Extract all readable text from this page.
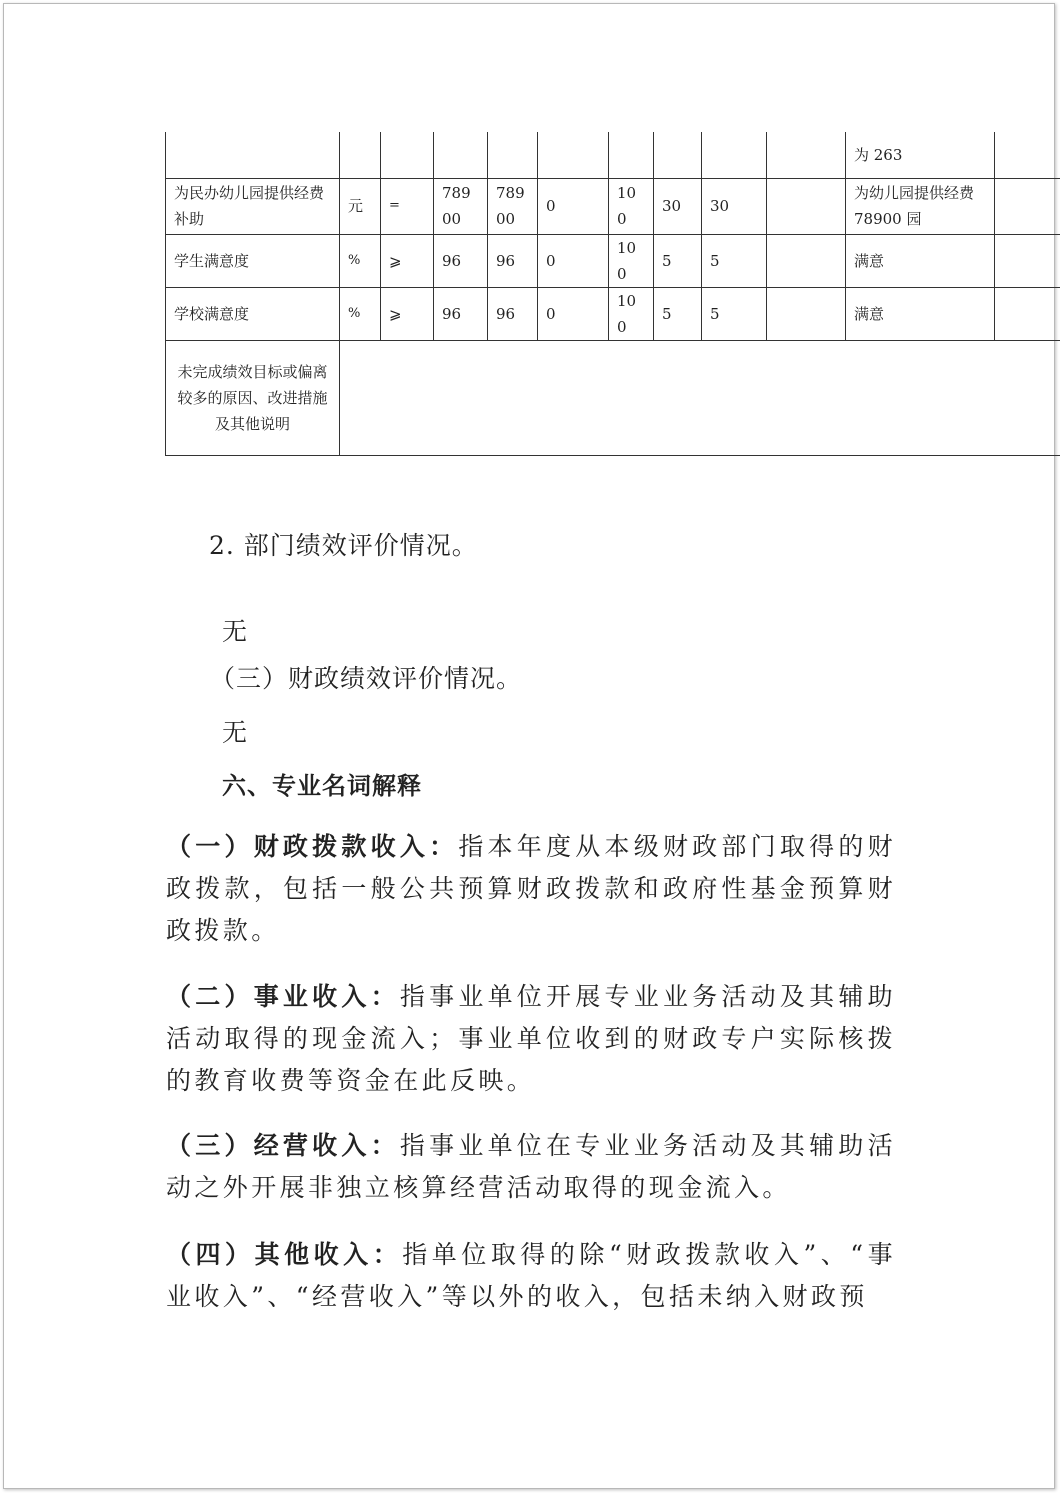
										为 263	
为民办幼儿园提供经费补助	元	=	78900	78900	0	100	30	30		为幼儿园提供经费 78900 园	
学生满意度	%	⩾	96	96	0	100	5	5		满意	
学校满意度	%	⩾	96	96	0	100	5	5		满意	
未完成绩效目标或偏离较多的原因、改进措施及其他说明											
2. 部门绩效评价情况。
无
（三）财政绩效评价情况。
无
六、专业名词解释

（一）财政拨款收入：指本年度从本级财政部门取得的财政拨款，包括一般公共预算财政拨款和政府性基金预算财政拨款。

（二）事业收入：指事业单位开展专业业务活动及其辅助活动取得的现金流入；事业单位收到的财政专户实际核拨的教育收费等资金在此反映。

（三）经营收入：指事业单位在专业业务活动及其辅助活动之外开展非独立核算经营活动取得的现金流入。

（四）其他收入：指单位取得的除“财政拨款收入”、“事业收入”、“经营收入”等以外的收入，包括未纳入财政预
